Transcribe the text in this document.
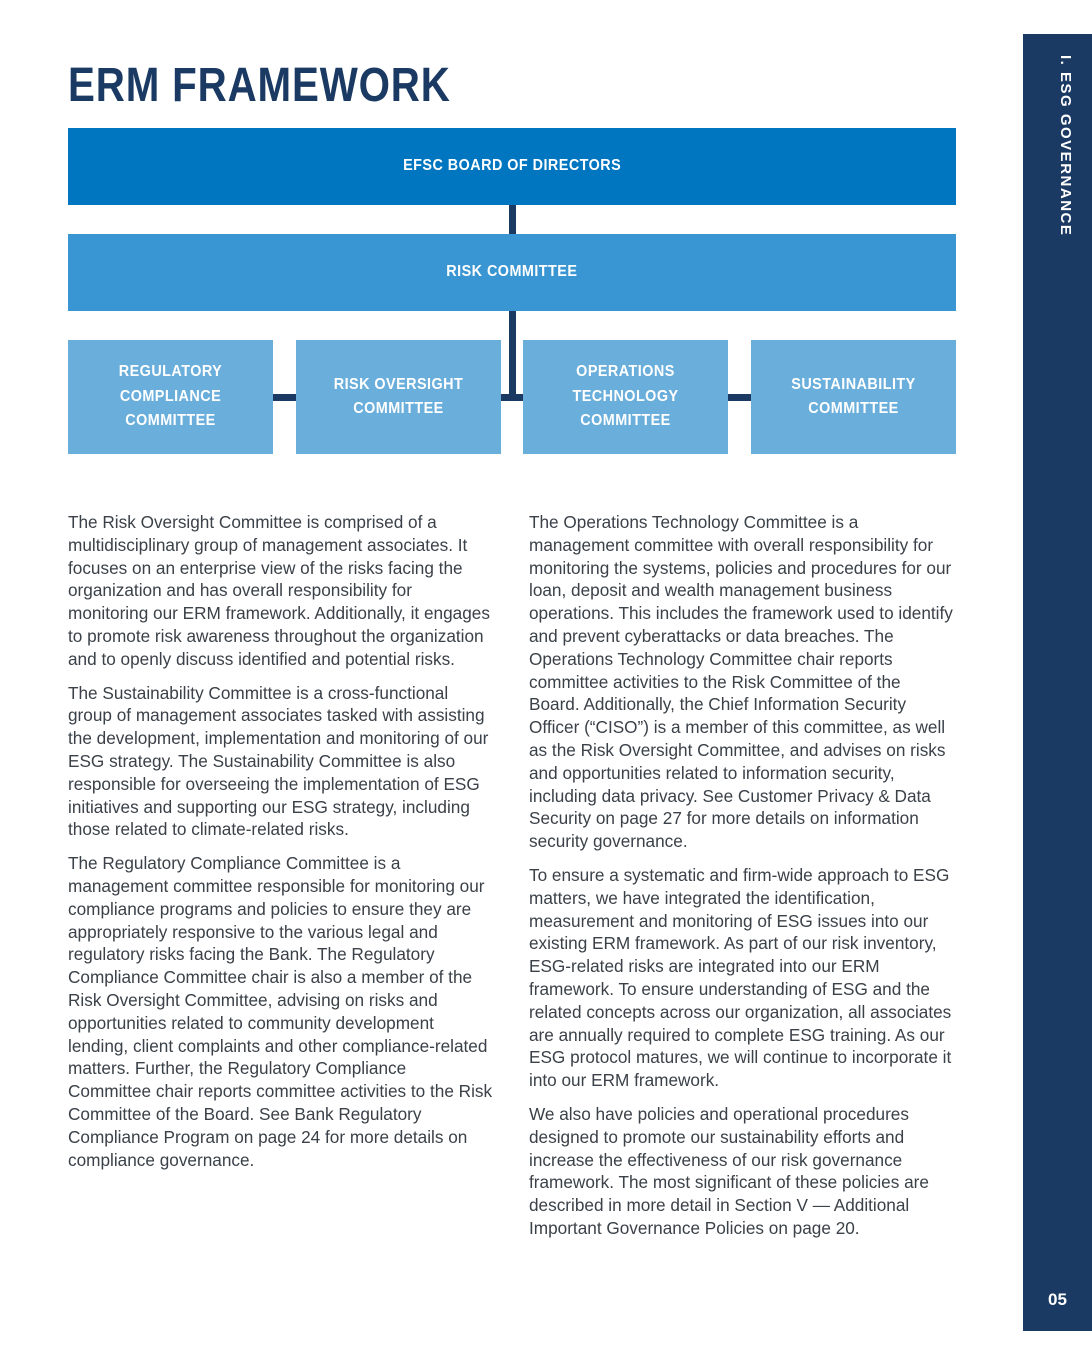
ERM FRAMEWORK	I. ESG GOVERNANCE
05
EFSC BOARD OF DIRECTORS
RISK COMMITTEE
REGULATORY COMPLIANCE COMMITTEE
RISK OVERSIGHT COMMITTEE
OPERATIONS TECHNOLOGY COMMITTEE
SUSTAINABILITY COMMITTEE

The Risk Oversight Committee is comprised of a multidisciplinary group of management associates. It focuses on an enterprise view of the risks facing the organization and has overall responsibility for monitoring our ERM framework. Additionally, it engages to promote risk awareness throughout the organization and to openly discuss identified and potential risks.

The Sustainability Committee is a cross-functional group of management associates tasked with assisting the development, implementation and monitoring of our ESG strategy. The Sustainability Committee is also responsible for overseeing the implementation of ESG initiatives and supporting our ESG strategy, including those related to climate-related risks.

The Regulatory Compliance Committee is a management committee responsible for monitoring our compliance programs and policies to ensure they are appropriately responsive to the various legal and regulatory risks facing the Bank. The Regulatory Compliance Committee chair is also a member of the Risk Oversight Committee, advising on risks and opportunities related to community development lending, client complaints and other compliance-related matters. Further, the Regulatory Compliance Committee chair reports committee activities to the Risk Committee of the Board. See Bank Regulatory Compliance Program on page 24 for more details on compliance governance.

The Operations Technology Committee is a management committee with overall responsibility for monitoring the systems, policies and procedures for our loan, deposit and wealth management business operations. This includes the framework used to identify and prevent cyberattacks or data breaches. The Operations Technology Committee chair reports committee activities to the Risk Committee of the Board. Additionally, the Chief Information Security Officer (“CISO”) is a member of this committee, as well as the Risk Oversight Committee, and advises on risks and opportunities related to information security, including data privacy. See Customer Privacy & Data Security on page 27 for more details on information security governance.

To ensure a systematic and firm-wide approach to ESG matters, we have integrated the identification, measurement and monitoring of ESG issues into our existing ERM framework. As part of our risk inventory, ESG-related risks are integrated into our ERM framework. To ensure understanding of ESG and the related concepts across our organization, all associates are annually required to complete ESG training. As our ESG protocol matures, we will continue to incorporate it into our ERM framework.

We also have policies and operational procedures designed to promote our sustainability efforts and increase the effectiveness of our risk governance framework. The most significant of these policies are described in more detail in Section V — Additional Important Governance Policies on page 20.
